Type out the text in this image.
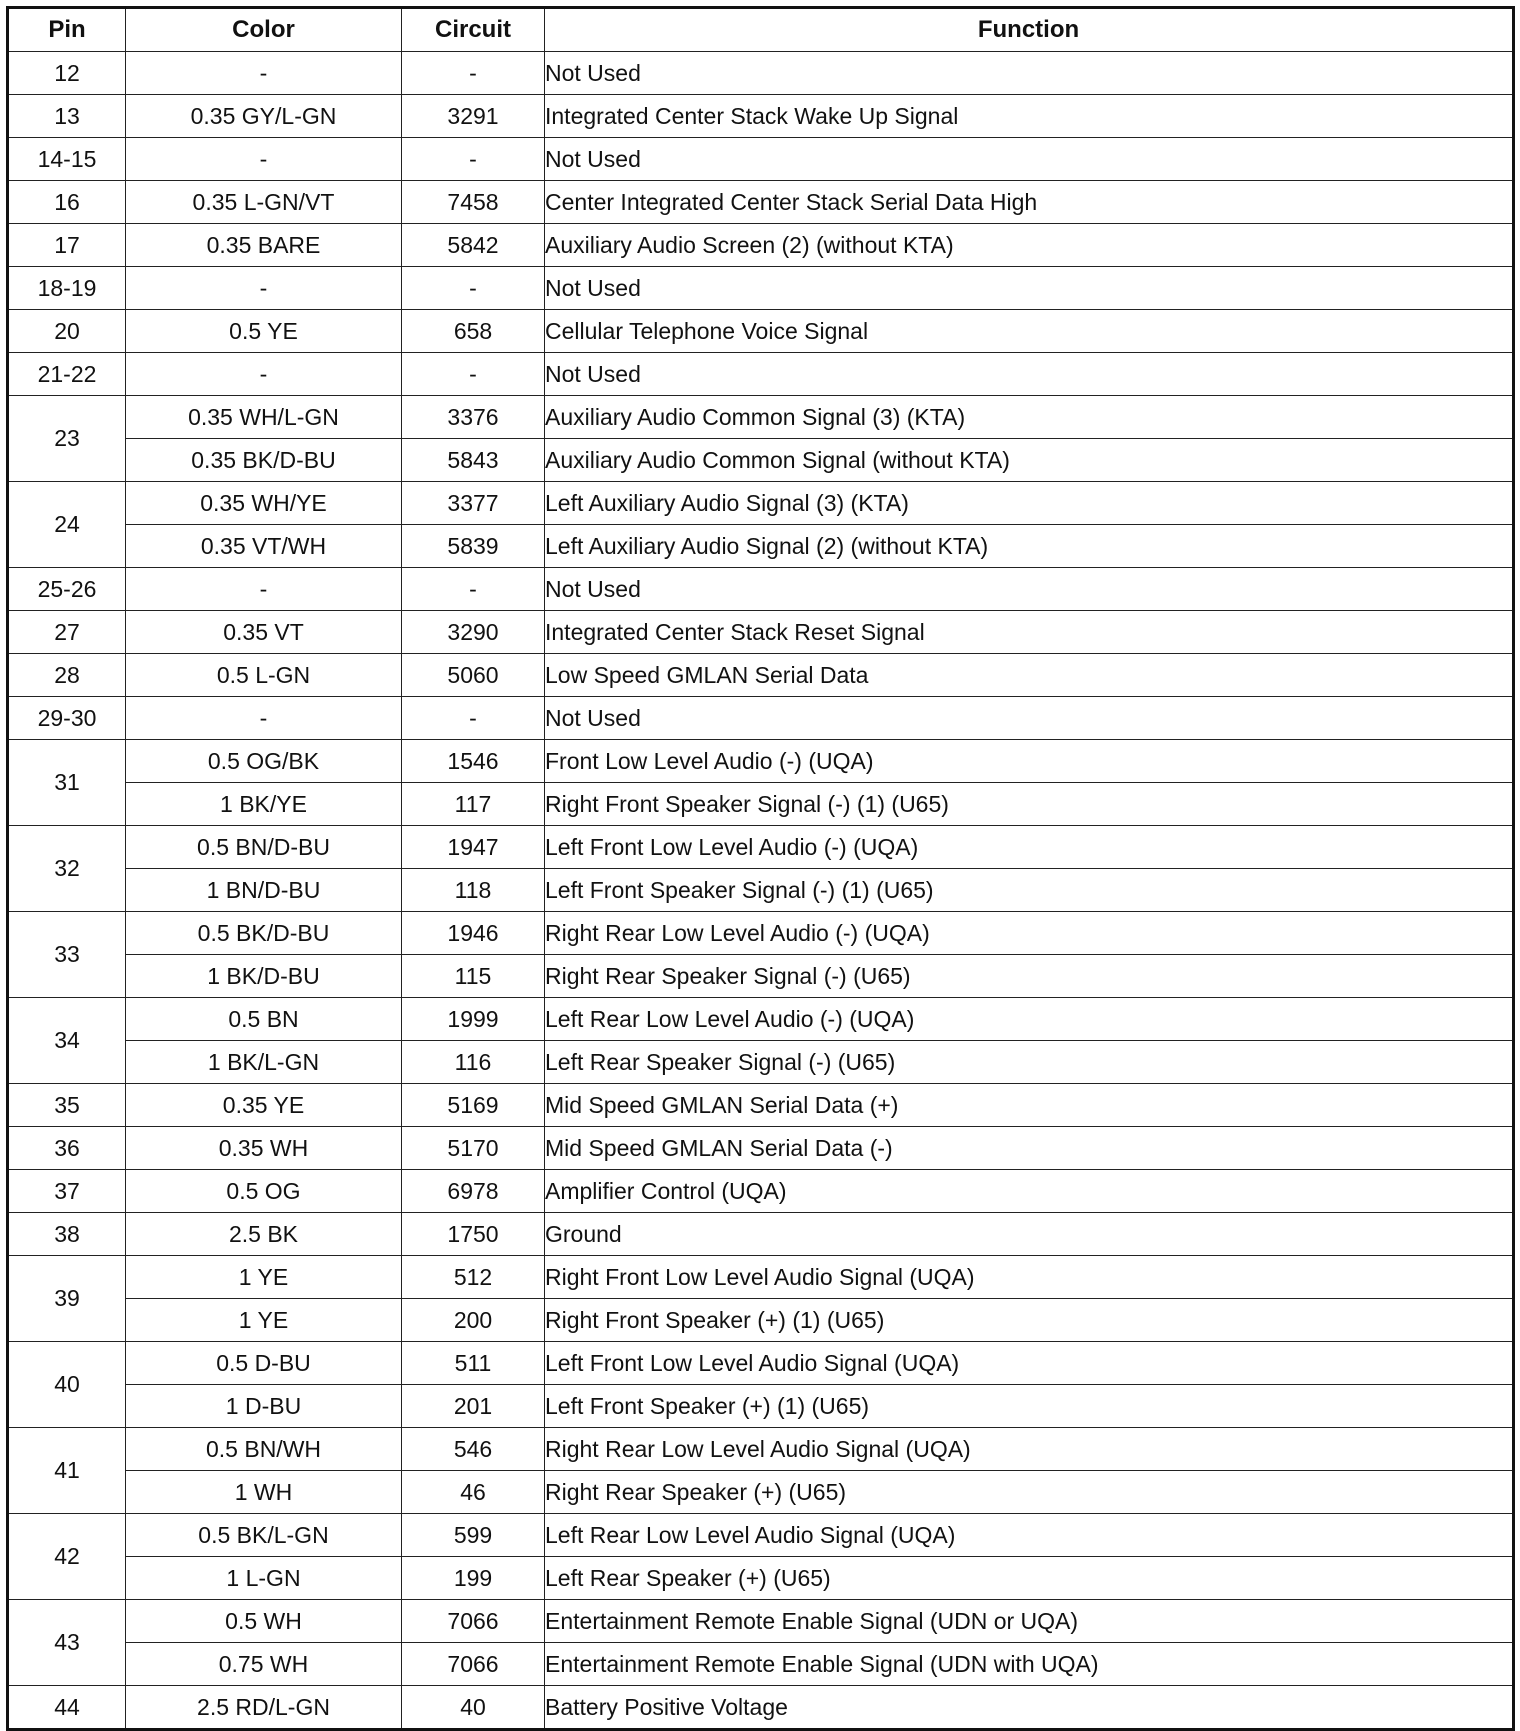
Pin	Color	Circuit	Function
12	-	-	Not Used
13	0.35 GY/L-GN	3291	Integrated Center Stack Wake Up Signal
14-15	-	-	Not Used
16	0.35 L-GN/VT	7458	Center Integrated Center Stack Serial Data High
17	0.35 BARE	5842	Auxiliary Audio Screen (2) (without KTA)
18-19	-	-	Not Used
20	0.5 YE	658	Cellular Telephone Voice Signal
21-22	-	-	Not Used
23	0.35 WH/L-GN	3376	Auxiliary Audio Common Signal (3) (KTA)
	0.35 BK/D-BU	5843	Auxiliary Audio Common Signal (without KTA)
24	0.35 WH/YE	3377	Left Auxiliary Audio Signal (3) (KTA)
	0.35 VT/WH	5839	Left Auxiliary Audio Signal (2) (without KTA)
25-26	-	-	Not Used
27	0.35 VT	3290	Integrated Center Stack Reset Signal
28	0.5 L-GN	5060	Low Speed GMLAN Serial Data
29-30	-	-	Not Used
31	0.5 OG/BK	1546	Front Low Level Audio (-) (UQA)
	1 BK/YE	117	Right Front Speaker Signal (-) (1) (U65)
32	0.5 BN/D-BU	1947	Left Front Low Level Audio (-) (UQA)
	1 BN/D-BU	118	Left Front Speaker Signal (-) (1) (U65)
33	0.5 BK/D-BU	1946	Right Rear Low Level Audio (-) (UQA)
	1 BK/D-BU	115	Right Rear Speaker Signal (-) (U65)
34	0.5 BN	1999	Left Rear Low Level Audio (-) (UQA)
	1 BK/L-GN	116	Left Rear Speaker Signal (-) (U65)
35	0.35 YE	5169	Mid Speed GMLAN Serial Data (+)
36	0.35 WH	5170	Mid Speed GMLAN Serial Data (-)
37	0.5 OG	6978	Amplifier Control (UQA)
38	2.5 BK	1750	Ground
39	1 YE	512	Right Front Low Level Audio Signal (UQA)
	1 YE	200	Right Front Speaker (+) (1) (U65)
40	0.5 D-BU	511	Left Front Low Level Audio Signal (UQA)
	1 D-BU	201	Left Front Speaker (+) (1) (U65)
41	0.5 BN/WH	546	Right Rear Low Level Audio Signal (UQA)
	1 WH	46	Right Rear Speaker (+) (U65)
42	0.5 BK/L-GN	599	Left Rear Low Level Audio Signal (UQA)
	1 L-GN	199	Left Rear Speaker (+) (U65)
43	0.5 WH	7066	Entertainment Remote Enable Signal (UDN or UQA)
	0.75 WH	7066	Entertainment Remote Enable Signal (UDN with UQA)
44	2.5 RD/L-GN	40	Battery Positive Voltage
